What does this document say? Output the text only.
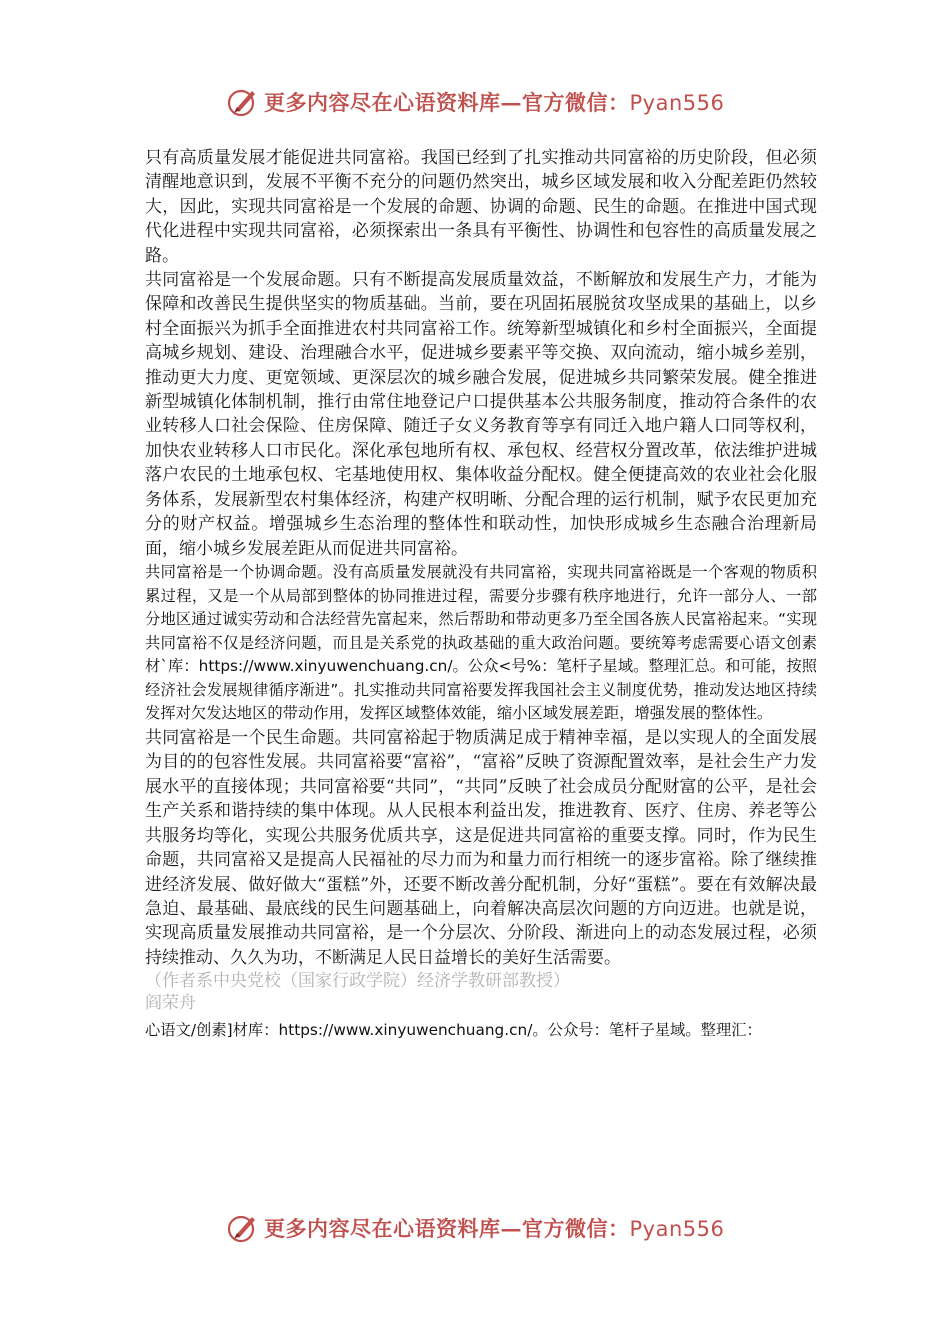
更多内容尽在心语资料库—官方微信：Pyan556

只有高质量发展才能促进共同富裕。我国已经到了扎实推动共同富裕的历史阶段，但必须清醒地意识到，发展不平衡不充分的问题仍然突出，城乡区域发展和收入分配差距仍然较大，因此，实现共同富裕是一个发展的命题、协调的命题、民生的命题。在推进中国式现代化进程中实现共同富裕，必须探索出一条具有平衡性、协调性和包容性的高质量发展之路。

共同富裕是一个发展命题。只有不断提高发展质量效益，不断解放和发展生产力，才能为保障和改善民生提供坚实的物质基础。当前，要在巩固拓展脱贫攻坚成果的基础上，以乡村全面振兴为抓手全面推进农村共同富裕工作。统筹新型城镇化和乡村全面振兴，全面提高城乡规划、建设、治理融合水平，促进城乡要素平等交换、双向流动，缩小城乡差别，推动更大力度、更宽领域、更深层次的城乡融合发展，促进城乡共同繁荣发展。健全推进新型城镇化体制机制，推行由常住地登记户口提供基本公共服务制度，推动符合条件的农业转移人口社会保险、住房保障、随迁子女义务教育等享有同迁入地户籍人口同等权利，加快农业转移人口市民化。深化承包地所有权、承包权、经营权分置改革，依法维护进城落户农民的土地承包权、宅基地使用权、集体收益分配权。健全便捷高效的农业社会化服务体系，发展新型农村集体经济，构建产权明晰、分配合理的运行机制，赋予农民更加充分的财产权益。增强城乡生态治理的整体性和联动性，加快形成城乡生态融合治理新局面，缩小城乡发展差距从而促进共同富裕。

共同富裕是一个协调命题。没有高质量发展就没有共同富裕，实现共同富裕既是一个客观的物质积累过程，又是一个从局部到整体的协同推进过程，需要分步骤有秩序地进行，允许一部分人、一部分地区通过诚实劳动和合法经营先富起来，然后帮助和带动更多乃至全国各族人民富裕起来。“实现共同富裕不仅是经济问题，而且是关系党的执政基础的重大政治问题。要统筹考虑需要心语文创素材`库：https://www.xinyuwenchuang.cn/。公众<号%：笔杆子星域。整理汇总。和可能，按照经济社会发展规律循序渐进”。扎实推动共同富裕要发挥我国社会主义制度优势，推动发达地区持续发挥对欠发达地区的带动作用，发挥区域整体效能，缩小区域发展差距，增强发展的整体性。

共同富裕是一个民生命题。共同富裕起于物质满足成于精神幸福，是以实现人的全面发展为目的的包容性发展。共同富裕要“富裕”，“富裕”反映了资源配置效率，是社会生产力发展水平的直接体现；共同富裕要“共同”，“共同”反映了社会成员分配财富的公平，是社会生产关系和谐持续的集中体现。从人民根本利益出发，推进教育、医疗、住房、养老等公共服务均等化，实现公共服务优质共享，这是促进共同富裕的重要支撑。同时，作为民生命题，共同富裕又是提高人民福祉的尽力而为和量力而行相统一的逐步富裕。除了继续推进经济发展、做好做大“蛋糕”外，还要不断改善分配机制，分好“蛋糕”。要在有效解决最急迫、最基础、最底线的民生问题基础上，向着解决高层次问题的方向迈进。也就是说，实现高质量发展推动共同富裕，是一个分层次、分阶段、渐进向上的动态发展过程，必须持续推动、久久为功，不断满足人民日益增长的美好生活需要。

（作者系中央党校（国家行政学院）经济学教研部教授）

阎荣舟

心语文/创素]材库：https://www.xinyuwenchuang.cn/。公众号：笔杆子星域。整理汇：

更多内容尽在心语资料库—官方微信：Pyan556
